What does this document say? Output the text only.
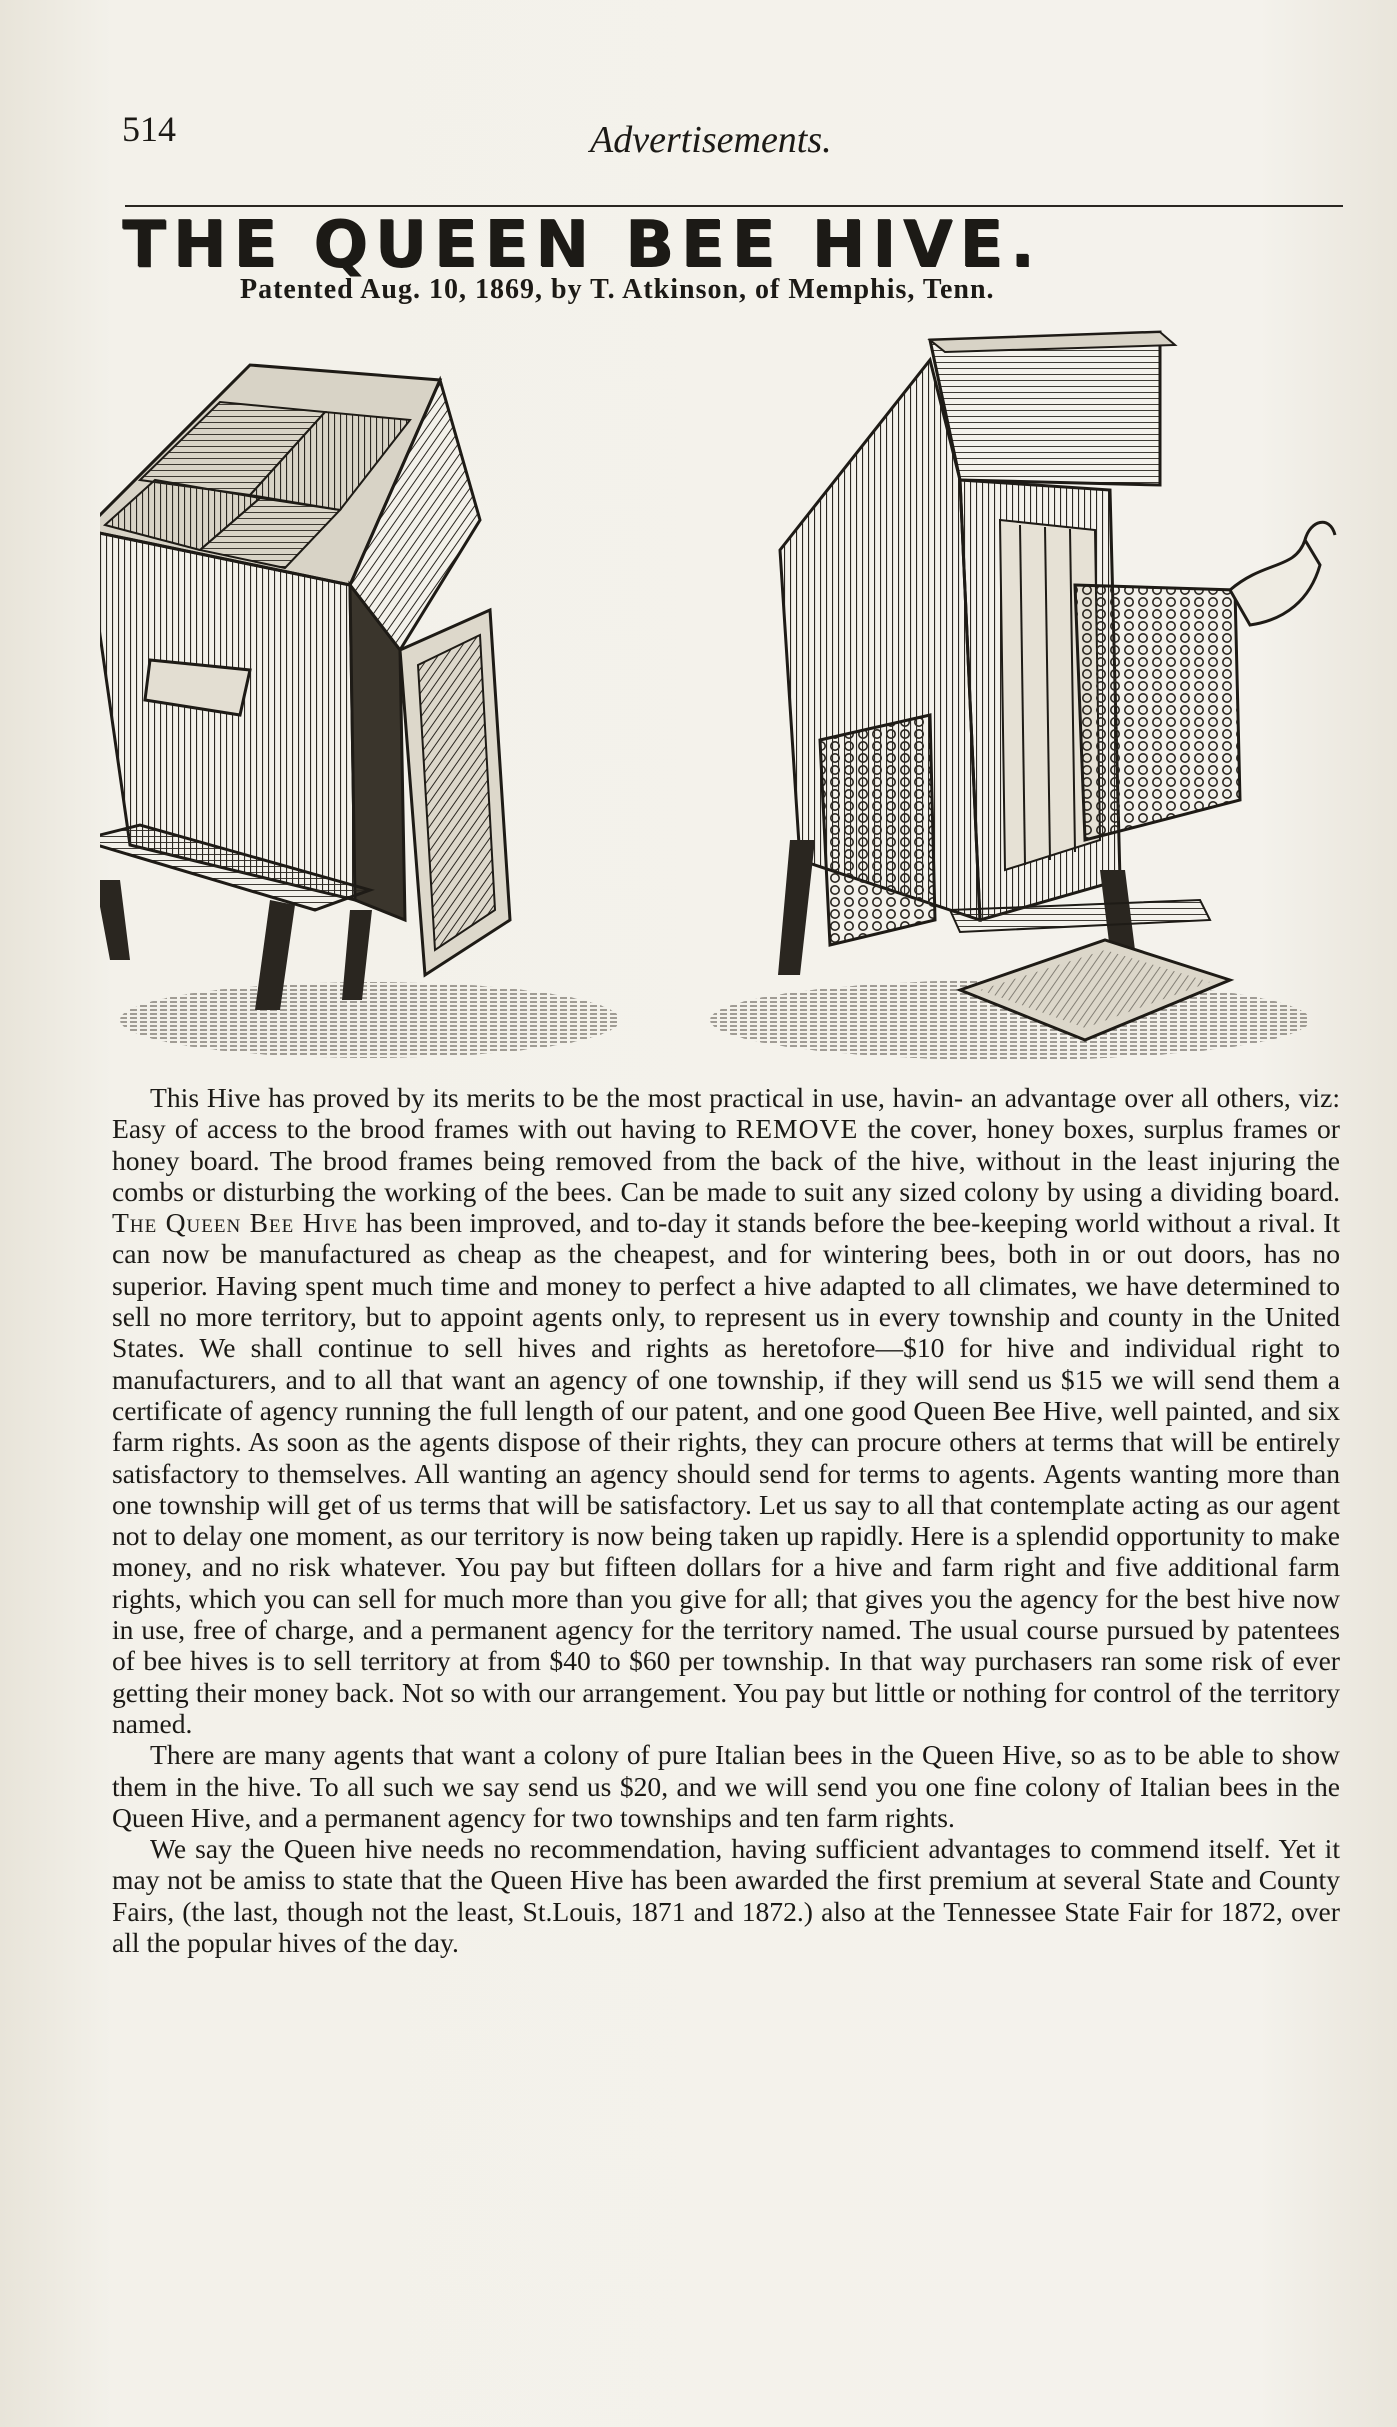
514	Advertisements.
THE QUEEN BEE HIVE.
Patented Aug. 10, 1869, by T. Atkinson, of Memphis, Tenn.

This Hive has proved by its merits to be the most practical in use, havin- an advantage over all others, viz: Easy of access to the brood frames with out having to REMOVE the cover, honey boxes, surplus frames or honey board. The brood frames being removed from the back of the hive, without in the least injuring the combs or disturbing the working of the bees. Can be made to suit any sized colony by using a dividing board. The Queen Bee Hive has been improved, and to-day it stands before the bee-keeping world without a rival. It can now be manufactured as cheap as the cheapest, and for wintering bees, both in or out doors, has no superior. Having spent much time and money to perfect a hive adapted to all climates, we have determined to sell no more territory, but to appoint agents only, to represent us in every township and county in the United States. We shall continue to sell hives and rights as heretofore—$10 for hive and individual right to manufacturers, and to all that want an agency of one township, if they will send us $15 we will send them a certificate of agency running the full length of our patent, and one good Queen Bee Hive, well painted, and six farm rights. As soon as the agents dispose of their rights, they can procure others at terms that will be entirely satisfactory to themselves. All wanting an agency should send for terms to agents. Agents wanting more than one township will get of us terms that will be satisfactory. Let us say to all that contemplate acting as our agent not to delay one moment, as our territory is now being taken up rapidly. Here is a splendid opportunity to make money, and no risk whatever. You pay but fifteen dollars for a hive and farm right and five additional farm rights, which you can sell for much more than you give for all; that gives you the agency for the best hive now in use, free of charge, and a permanent agency for the territory named. The usual course pursued by patentees of bee hives is to sell territory at from $40 to $60 per township. In that way purchasers ran some risk of ever getting their money back. Not so with our arrangement. You pay but little or nothing for control of the territory named.

There are many agents that want a colony of pure Italian bees in the Queen Hive, so as to be able to show them in the hive. To all such we say send us $20, and we will send you one fine colony of Italian bees in the Queen Hive, and a permanent agency for two townships and ten farm rights.

We say the Queen hive needs no recommendation, having sufficient advantages to commend itself. Yet it may not be amiss to state that the Queen Hive has been awarded the first premium at several State and County Fairs, (the last, though not the least, St.Louis, 1871 and 1872.) also at the Tennessee State Fair for 1872, over all the popular hives of the day.
